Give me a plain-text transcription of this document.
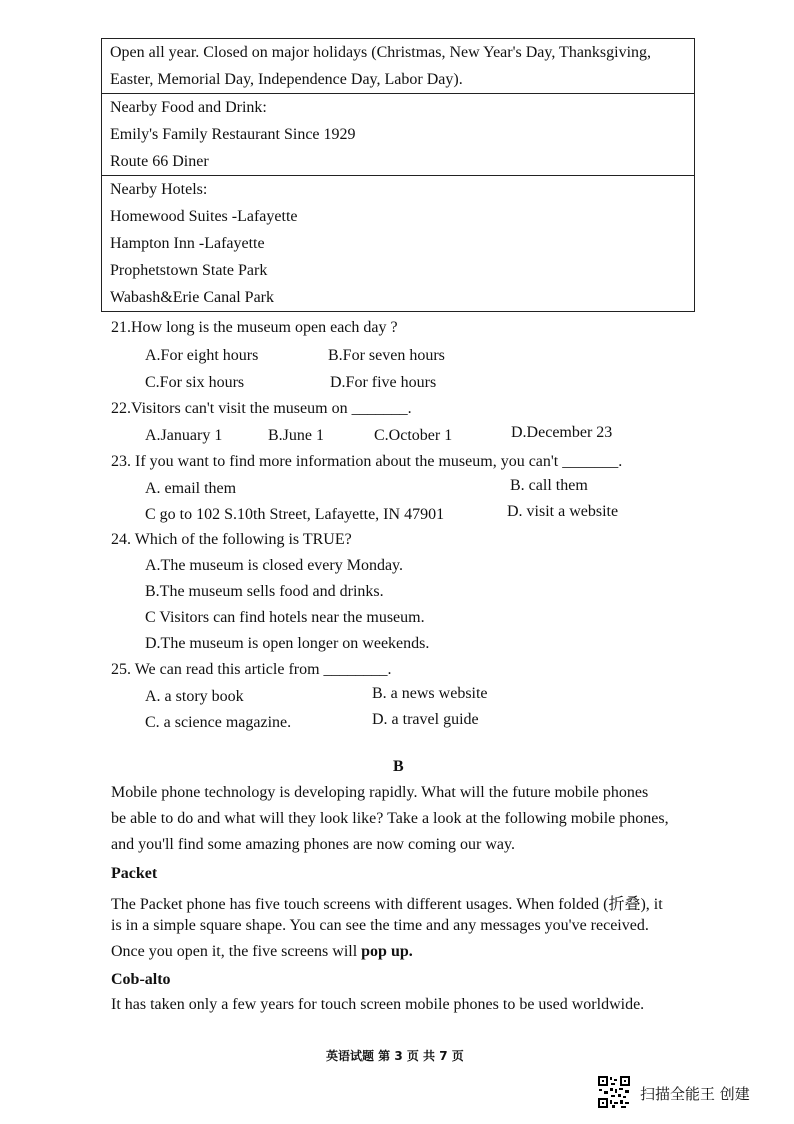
Open all year. Closed on major holidays (Christmas, New Year's Day, Thanksgiving,
Easter, Memorial Day, Independence Day, Labor Day).
Nearby Food and Drink:
Emily's Family Restaurant Since 1929
Route 66 Diner
Nearby Hotels:
Homewood Suites -Lafayette
Hampton Inn -Lafayette
Prophetstown State Park
Wabash&Erie Canal Park
21.How long is the museum open each day ?
A.For eight hours	B.For seven hours
C.For six hours	D.For five hours
22.Visitors can't visit the museum on _______.
A.January 1	B.June 1	C.October 1	D.December 23
23. If you want to find more information about the museum, you can't _______.
A. email them	B. call them
C go to 102 S.10th Street, Lafayette, IN 47901	D. visit a website
24. Which of the following is TRUE?
A.The museum is closed every Monday.
B.The museum sells food and drinks.
C Visitors can find hotels near the museum.
D.The museum is open longer on weekends.
25. We can read this article from ________.
A. a story book	B. a news website
C. a science magazine.	D. a travel guide
B
Mobile phone technology is developing rapidly. What will the future mobile phones
be able to do and what will they look like? Take a look at the following mobile phones,
and you'll find some amazing phones are now coming our way.
Packet
The Packet phone has five touch screens with different usages. When folded (折叠), it
is in a simple square shape. You can see the time and any messages you've received.
Once you open it, the five screens will pop up.
Cob-alto
It has taken only a few years for touch screen mobile phones to be used worldwide.
英语试题 第 3 页 共 7 页
扫描全能王 创建
